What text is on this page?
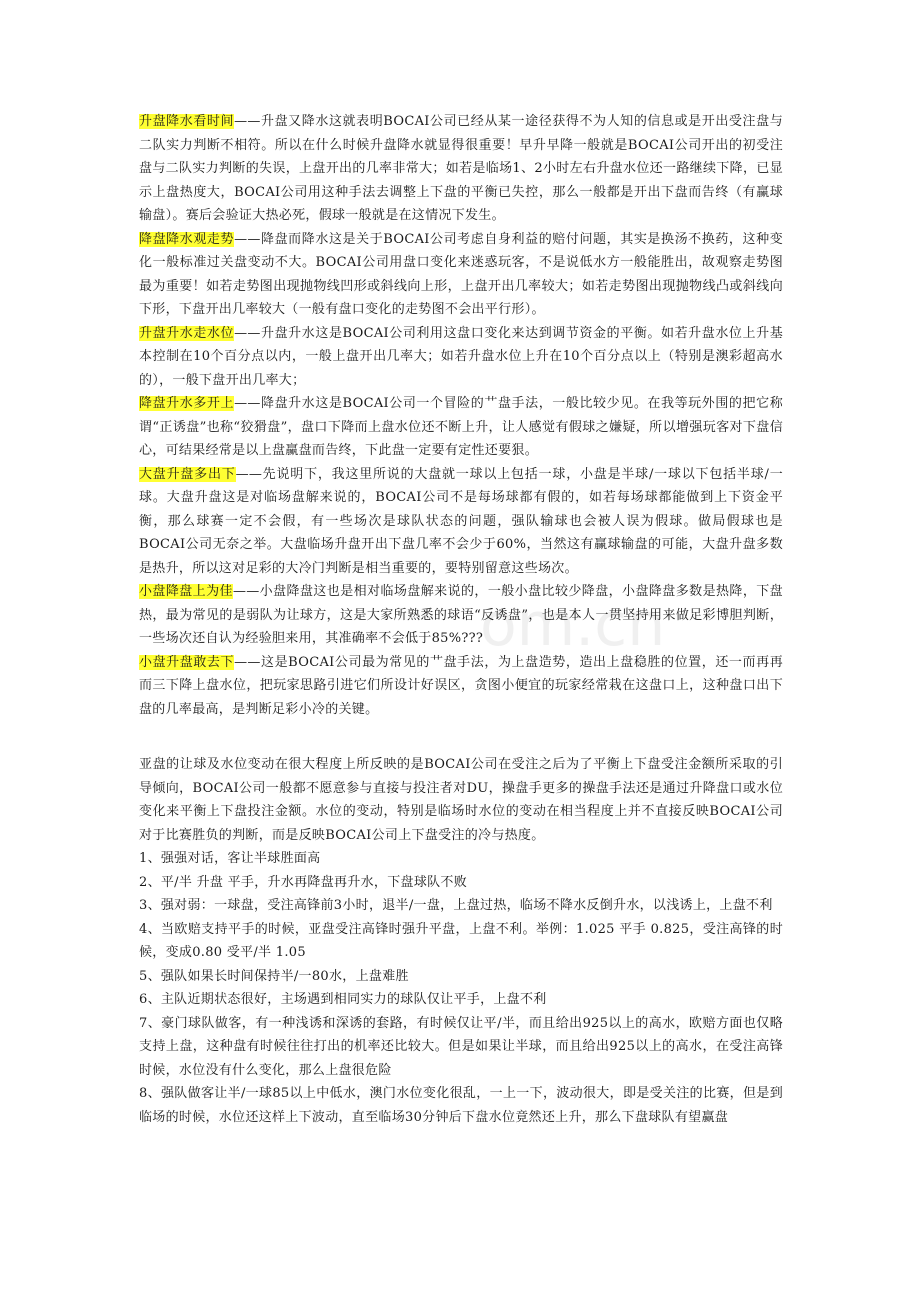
om.cn

升盘降水看时间——升盘又降水这就表明BOCAI公司已经从某一途径获得不为人知的信息或是开出受注盘与二队实力判断不相符。所以在什么时候升盘降水就显得很重要！早升早降一般就是BOCAI公司开出的初受注盘与二队实力判断的失误，上盘开出的几率非常大；如若是临场1、2小时左右升盘水位还一路继续下降，已显示上盘热度大，BOCAI公司用这种手法去调整上下盘的平衡已失控，那么一般都是开出下盘而告终（有赢球输盘）。赛后会验证大热必死，假球一般就是在这情况下发生。

降盘降水观走势——降盘而降水这是关于BOCAI公司考虑自身利益的赔付问题，其实是换汤不换药，这种变化一般标准过关盘变动不大。BOCAI公司用盘口变化来迷惑玩客，不是说低水方一般能胜出，故观察走势图最为重要！如若走势图出现抛物线凹形或斜线向上形，上盘开出几率较大；如若走势图出现抛物线凸或斜线向下形，下盘开出几率较大（一般有盘口变化的走势图不会出平行形）。

升盘升水走水位——升盘升水这是BOCAI公司利用这盘口变化来达到调节资金的平衡。如若升盘水位上升基本控制在10个百分点以内，一般上盘开出几率大；如若升盘水位上升在10个百分点以上（特别是澳彩超高水的），一般下盘开出几率大；

降盘升水多开上——降盘升水这是BOCAI公司一个冒险的艹盘手法，一般比较少见。在我等玩外围的把它称谓“正诱盘”也称“狡猾盘”，盘口下降而上盘水位还不断上升，让人感觉有假球之嫌疑，所以增强玩客对下盘信心，可结果经常是以上盘赢盘而告终，下此盘一定要有定性还要狠。

大盘升盘多出下——先说明下，我这里所说的大盘就一球以上包括一球，小盘是半球/一球以下包括半球/一球。大盘升盘这是对临场盘解来说的，BOCAI公司不是每场球都有假的，如若每场球都能做到上下资金平衡，那么球赛一定不会假，有一些场次是球队状态的问题，强队输球也会被人误为假球。做局假球也是BOCAI公司无奈之举。大盘临场升盘开出下盘几率不会少于60%，当然这有赢球输盘的可能，大盘升盘多数是热升，所以这对足彩的大冷门判断是相当重要的，要特别留意这些场次。

小盘降盘上为佳——小盘降盘这也是相对临场盘解来说的，一般小盘比较少降盘，小盘降盘多数是热降，下盘热，最为常见的是弱队为让球方，这是大家所熟悉的球语“反诱盘”，也是本人一贯坚持用来做足彩博胆判断，一些场次还自认为经验胆来用，其准确率不会低于85%???

小盘升盘敢去下——这是BOCAI公司最为常见的艹盘手法，为上盘造势，造出上盘稳胜的位置，还一而再再而三下降上盘水位，把玩家思路引进它们所设计好误区，贪图小便宜的玩家经常栽在这盘口上，这种盘口出下盘的几率最高，是判断足彩小冷的关键。

亚盘的让球及水位变动在很大程度上所反映的是BOCAI公司在受注之后为了平衡上下盘受注金额所采取的引导倾向，BOCAI公司一般都不愿意参与直接与投注者对DU，操盘手更多的操盘手法还是通过升降盘口或水位变化来平衡上下盘投注金额。水位的变动，特别是临场时水位的变动在相当程度上并不直接反映BOCAI公司对于比赛胜负的判断，而是反映BOCAI公司上下盘受注的冷与热度。

1、强强对话，客让半球胜面高

2、平/半 升盘 平手，升水再降盘再升水，下盘球队不败

3、强对弱：一球盘，受注高锋前3小时，退半/一盘，上盘过热，临场不降水反倒升水，以浅诱上，上盘不利

4、当欧赔支持平手的时候，亚盘受注高锋时强升平盘，上盘不利。举例：1.025 平手 0.825，受注高锋的时候，变成0.80 受平/半 1.05

5、强队如果长时间保持半/一80水，上盘难胜

6、主队近期状态很好，主场遇到相同实力的球队仅让平手，上盘不利

7、豪门球队做客，有一种浅诱和深诱的套路，有时候仅让平/半，而且给出925以上的高水，欧赔方面也仅略支持上盘，这种盘有时候往往打出的机率还比较大。但是如果让半球，而且给出925以上的高水，在受注高锋时候，水位没有什么变化，那么上盘很危险

8、强队做客让半/一球85以上中低水，澳门水位变化很乱，一上一下，波动很大，即是受关注的比赛，但是到临场的时候，水位还这样上下波动，直至临场30分钟后下盘水位竟然还上升，那么下盘球队有望赢盘
